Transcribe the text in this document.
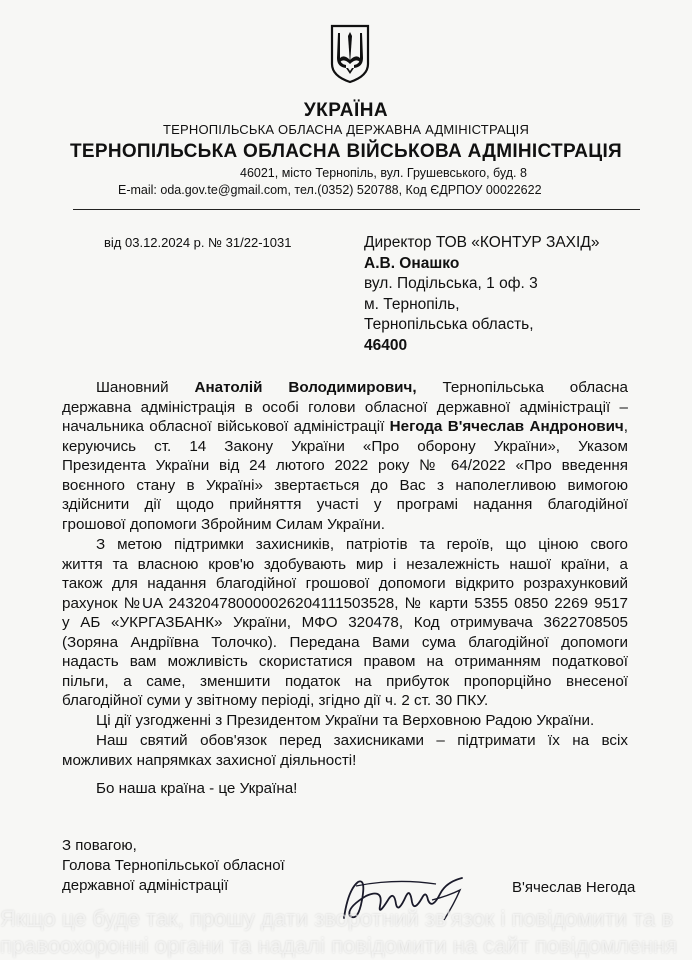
УКРАЇНА
ТЕРНОПІЛЬСЬКА ОБЛАСНА ДЕРЖАВНА АДМІНІСТРАЦІЯ
ТЕРНОПІЛЬСЬКА ОБЛАСНА ВІЙСЬКОВА АДМІНІСТРАЦІЯ
46021, місто Тернопіль, вул. Грушевського, буд. 8
E-mail: oda.gov.te@gmail.com, тел.(0352) 520788, Код ЄДРПОУ 00022622
від 03.12.2024 р. № 31/22-1031	Директор ТОВ «КОНТУР ЗАХІД»
А.В. Онашко
вул. Подільська, 1 оф. 3
м. Тернопіль,
Тернопільська область,
46400
Шановний Анатолій Володимирович, Тернопільська обласна
державна адміністрація в особі голови обласної державної адміністрації –
начальника обласної військової адміністрації Негода В'ячеслав Андронович,
керуючись ст. 14 Закону України «Про оборону України», Указом
Президента України від 24 лютого 2022 року № 64/2022 «Про введення
воєнного стану в Україні» звертається до Вас з наполегливою вимогою
здійснити дії щодо прийняття участі у програмі надання благодійної
грошової допомоги Збройним Силам України.
З метою підтримки захисників, патріотів та героїв, що ціною свого
життя та власною кров'ю здобувають мир і незалежність нашої країни, а
також для надання благодійної грошової допомоги відкрито розрахунковий
рахунок №UA 243204780000026204111503528, № карти 5355 0850 2269 9517
у АБ «УКРГАЗБАНК» України, МФО 320478, Код отримувача 3622708505
(Зоряна Андріївна Толочко). Передана Вами сума благодійної допомоги
надасть вам можливість скористатися правом на отриманням податкової
пільги, а саме, зменшити податок на прибуток пропорційно внесеної
благодійної суми у звітному періоді, згідно дії ч. 2 ст. 30 ПКУ.
Ці дії узгодженні з Президентом України та Верховною Радою України.
Наш святий обов'язок перед захисниками – підтримати їх на всіх
можливих напрямках захисної діяльності!
Бо наша країна - це Україна!
З повагою,
Голова Тернопільської обласної
державної адміністрації	В'ячеслав Негода
Якщо це буде так, прошу дати зворотний зв'язок і повідомити та в
правоохоронні органи та надалі повідомити на сайт повідомлення
